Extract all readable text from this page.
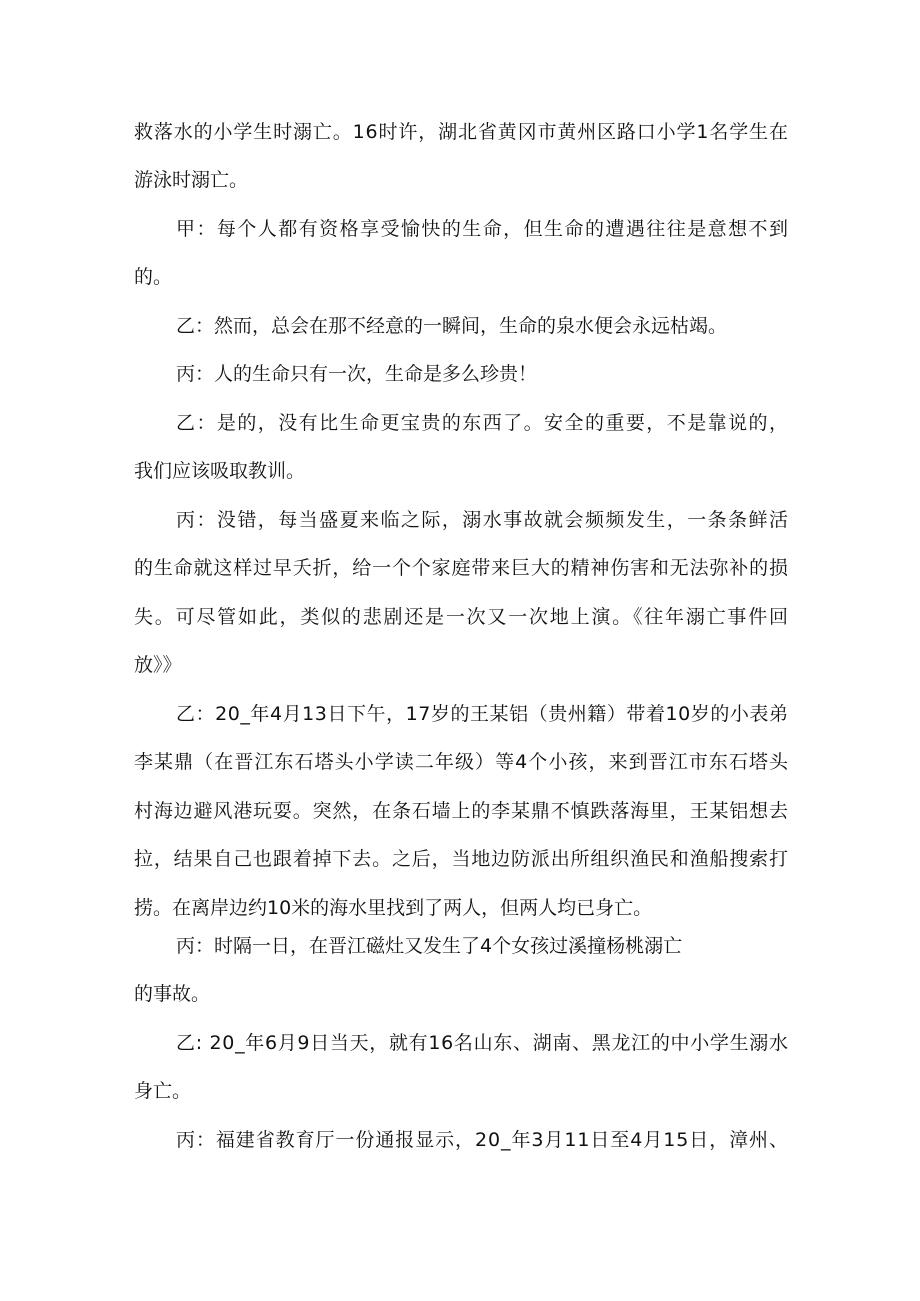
救落水的小学生时溺亡。16时许，湖北省黄冈市黄州区路口小学1名学生在
游泳时溺亡。
甲：每个人都有资格享受愉快的生命，但生命的遭遇往往是意想不到
的。
乙：然而，总会在那不经意的一瞬间，生命的泉水便会永远枯竭。
丙：人的生命只有一次，生命是多么珍贵！
乙：是的，没有比生命更宝贵的东西了。安全的重要，不是靠说的，
我们应该吸取教训。
丙：没错，每当盛夏来临之际，溺水事故就会频频发生，一条条鲜活
的生命就这样过早夭折，给一个个家庭带来巨大的精神伤害和无法弥补的损
失。可尽管如此，类似的悲剧还是一次又一次地上演。《往年溺亡事件回
放》》
乙：20_年4月13日下午，17岁的王某铝（贵州籍）带着10岁的小表弟
李某鼎（在晋江东石塔头小学读二年级）等4个小孩，来到晋江市东石塔头
村海边避风港玩耍。突然，在条石墙上的李某鼎不慎跌落海里，王某铝想去
拉，结果自己也跟着掉下去。之后，当地边防派出所组织渔民和渔船搜索打
捞。在离岸边约10米的海水里找到了两人，但两人均已身亡。
丙：时隔一日，在晋江磁灶又发生了4个女孩过溪撞杨桃溺亡
的事故。
乙: 20_年6月9日当天，就有16名山东、湖南、黑龙江的中小学生溺水
身亡。
丙：福建省教育厅一份通报显示，20_年3月11日至4月15日，漳州、
